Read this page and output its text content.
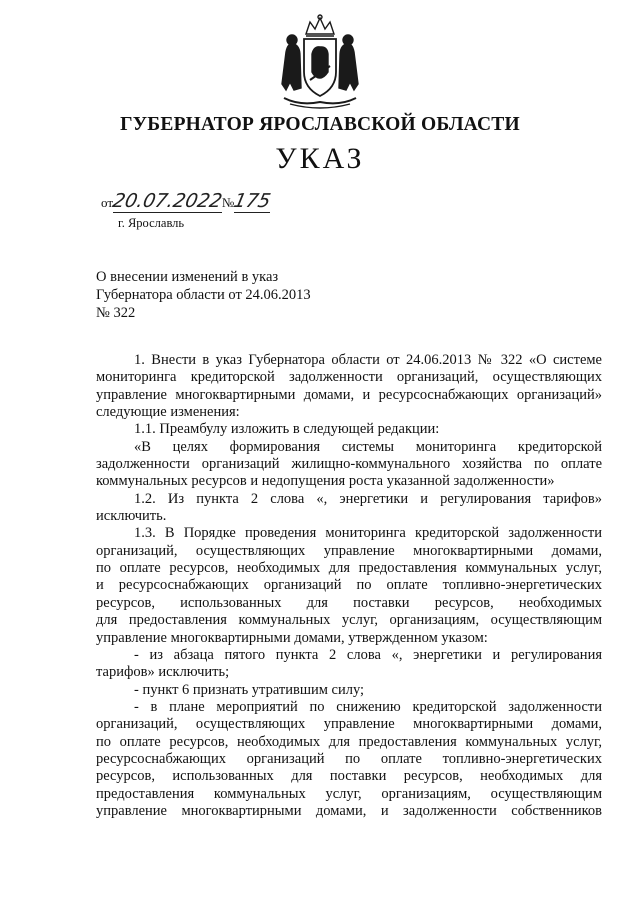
ГУБЕРНАТОР ЯРОСЛАВСКОЙ ОБЛАСТИ
УКАЗ
от20.07.2022№175
г. Ярославль
О внесении изменений в указ
Губернатора области от 24.06.2013
№ 322

1. Внести в указ Губернатора области от 24.06.2013 № 322 «О системе

мониторинга кредиторской задолженности организаций, осуществляющих

управление многоквартирными домами, и ресурсоснабжающих организаций»

следующие изменения:

1.1. Преамбулу изложить в следующей редакции:

«В целях формирования системы мониторинга кредиторской

задолженности организаций жилищно-коммунального хозяйства по оплате

коммунальных ресурсов и недопущения роста указанной задолженности»

1.2. Из пункта 2 слова «, энергетики и регулирования тарифов»

исключить.

1.3. В Порядке проведения мониторинга кредиторской задолженности

организаций, осуществляющих управление многоквартирными домами,

по оплате ресурсов, необходимых для предоставления коммунальных услуг,

и ресурсоснабжающих организаций по оплате топливно-энергетических

ресурсов, использованных для поставки ресурсов, необходимых

для предоставления коммунальных услуг, организациям, осуществляющим

управление многоквартирными домами, утвержденном указом:

- из абзаца пятого пункта 2 слова «, энергетики и регулирования

тарифов» исключить;

- пункт 6 признать утратившим силу;

- в плане мероприятий по снижению кредиторской задолженности

организаций, осуществляющих управление многоквартирными домами,

по оплате ресурсов, необходимых для предоставления коммунальных услуг,

ресурсоснабжающих организаций по оплате топливно-энергетических

ресурсов, использованных для поставки ресурсов, необходимых для

предоставления коммунальных услуг, организациям, осуществляющим

управление многоквартирными домами, и задолженности собственников
